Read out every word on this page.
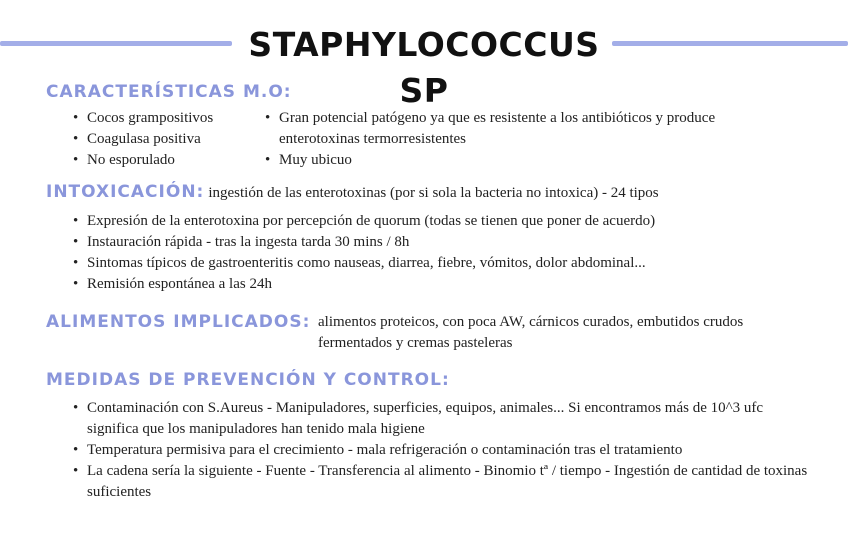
STAPHYLOCOCCUS SP
CARACTERÍSTICAS M.O:
• Cocos grampositivos
• Coagulasa positiva
• No esporulado
• Gran potencial patógeno ya que es resistente a los antibióticos y produce enterotoxinas termorresistentes
• Muy ubicuo
INTOXICACIÓN: ingestión de las enterotoxinas (por si sola la bacteria no intoxica) - 24 tipos
• Expresión de la enterotoxina por percepción de quorum (todas se tienen que poner de acuerdo)
• Instauración rápida - tras la ingesta tarda 30 mins / 8h
• Sintomas típicos de gastroenteritis como nauseas, diarrea, fiebre, vómitos, dolor abdominal...
• Remisión espontánea a las 24h
ALIMENTOS IMPLICADOS: alimentos proteicos, con poca AW, cárnicos curados, embutidos crudos fermentados y cremas pasteleras
MEDIDAS DE PREVENCIÓN Y CONTROL:
• Contaminación con S.Aureus - Manipuladores, superficies, equipos, animales... Si encontramos más de 10^3 ufc significa que los manipuladores han tenido mala higiene
• Temperatura permisiva para el crecimiento - mala refrigeración o contaminación tras el tratamiento
• La cadena sería la siguiente - Fuente - Transferencia al alimento - Binomio tª / tiempo - Ingestión de cantidad de toxinas suficientes
